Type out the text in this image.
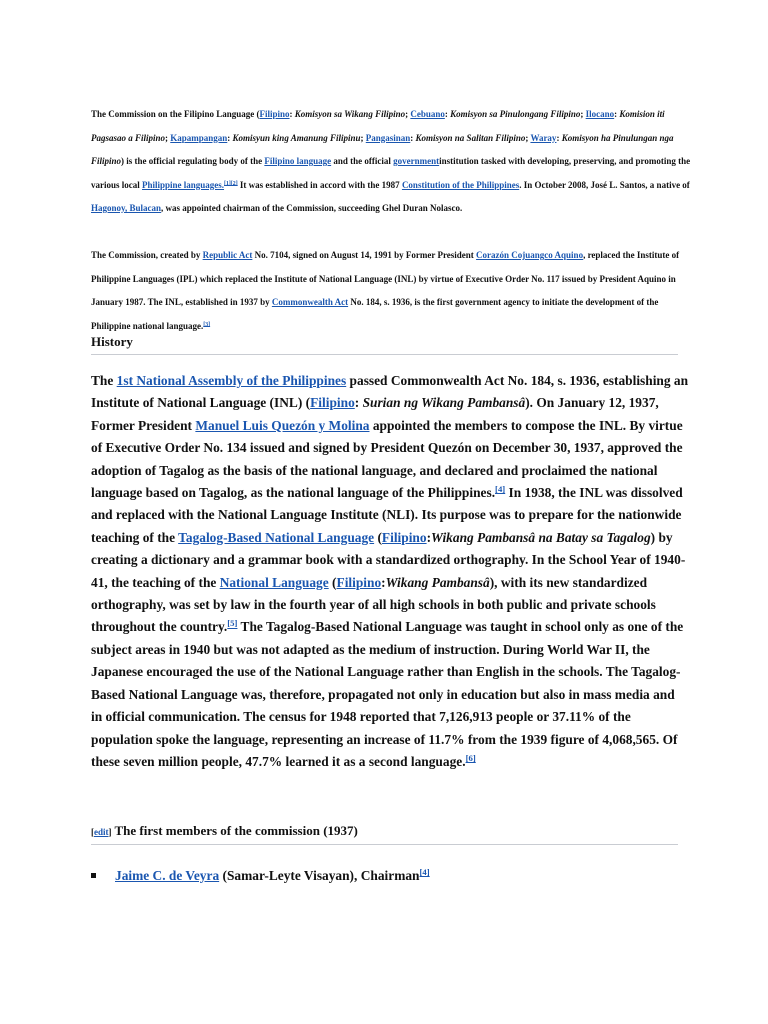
The Commission on the Filipino Language (Filipino: Komisyon sa Wikang Filipino; Cebuano: Komisyon sa Pinulongang Filipino; Ilocano: Komision iti Pagsasao a Filipino; Kapampangan: Komisyun king Amanung Filipinu; Pangasinan: Komisyon na Salitan Filipino; Waray: Komisyon ha Pinulungan nga Filipino) is the official regulating body of the Filipino language and the official governmentinstitution tasked with developing, preserving, and promoting the various local Philippine languages.[1][2] It was established in accord with the 1987 Constitution of the Philippines. In October 2008, José L. Santos, a native of Hagonoy, Bulacan, was appointed chairman of the Commission, succeeding Ghel Duran Nolasco.

The Commission, created by Republic Act No. 7104, signed on August 14, 1991 by Former President Corazón Cojuangco Aquino, replaced the Institute of Philippine Languages (IPL) which replaced the Institute of National Language (INL) by virtue of Executive Order No. 117 issued by President Aquino in January 1987. The INL, established in 1937 by Commonwealth Act No. 184, s. 1936, is the first government agency to initiate the development of the Philippine national language.[3]

History

The 1st National Assembly of the Philippines passed Commonwealth Act No. 184, s. 1936, establishing an Institute of National Language (INL) (Filipino: Surian ng Wikang Pambansâ). On January 12, 1937, Former President Manuel Luis Quezón y Molina appointed the members to compose the INL. By virtue of Executive Order No. 134 issued and signed by President Quezón on December 30, 1937, approved the adoption of Tagalog as the basis of the national language, and declared and proclaimed the national language based on Tagalog, as the national language of the Philippines.[4] In 1938, the INL was dissolved and replaced with the National Language Institute (NLI). Its purpose was to prepare for the nationwide teaching of the Tagalog-Based National Language (Filipino:Wikang Pambansâ na Batay sa Tagalog) by creating a dictionary and a grammar book with a standardized orthography. In the School Year of 1940-41, the teaching of the National Language (Filipino:Wikang Pambansâ), with its new standardized orthography, was set by law in the fourth year of all high schools in both public and private schools throughout the country.[5] The Tagalog-Based National Language was taught in school only as one of the subject areas in 1940 but was not adapted as the medium of instruction. During World War II, the Japanese encouraged the use of the National Language rather than English in the schools. The Tagalog-Based National Language was, therefore, propagated not only in education but also in mass media and in official communication. The census for 1948 reported that 7,126,913 people or 37.11% of the population spoke the language, representing an increase of 11.7% from the 1939 figure of 4,068,565. Of these seven million people, 47.7% learned it as a second language.[6]

[edit] The first members of the commission (1937)
Jaime C. de Veyra (Samar-Leyte Visayan), Chairman[4]
